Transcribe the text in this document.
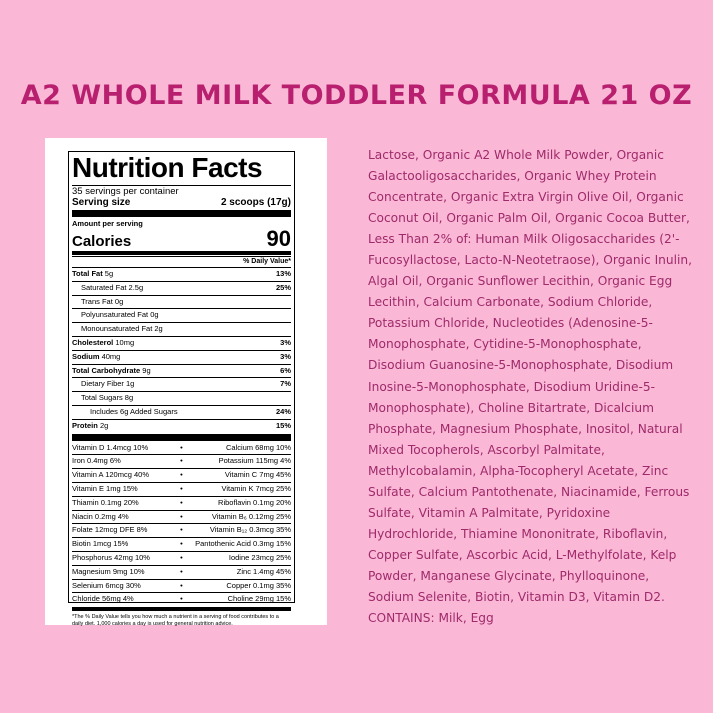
A2 WHOLE MILK TODDLER FORMULA 21 OZ
Nutrition Facts
35 servings per container
Serving size	2 scoops (17g)
Amount per serving
Calories	90
% Daily Value*
Total Fat 5g	13%
Saturated Fat 2.5g	25%
Trans Fat 0g
Polyunsaturated Fat 0g
Monounsaturated Fat 2g
Cholesterol 10mg	3%
Sodium 40mg	3%
Total Carbohydrate 9g	6%
Dietary Fiber 1g	7%
Total Sugars 8g
Includes 6g Added Sugars	24%
Protein 2g	15%
Vitamin D 1.4mcg 10%	•	Calcium 68mg 10%
Iron 0.4mg 6%	•	Potassium 115mg 4%
Vitamin A 120mcg 40%	•	Vitamin C 7mg 45%
Vitamin E 1mg 15%	•	Vitamin K 7mcg 25%
Thiamin 0.1mg 20%	•	Riboflavin 0.1mg 20%
Niacin 0.2mg 4%	•	Vitamin B₆ 0.12mg 25%
Folate 12mcg DFE 8%	•	Vitamin B₁₂ 0.3mcg 35%
Biotin 1mcg 15%	•	Pantothenic Acid 0.3mg 15%
Phosphorus 42mg 10%	•	Iodine 23mcg 25%
Magnesium 9mg 10%	•	Zinc 1.4mg 45%
Selenium 6mcg 30%	•	Copper 0.1mg 35%
Chloride 56mg 4%	•	Choline 29mg 15%
*The % Daily Value tells you how much a nutrient in a serving of food contributes to a daily diet. 1,000 calories a day is used for general nutrition advice.

Lactose, Organic A2 Whole Milk Powder, Organic Galactooligosaccharides, Organic Whey Protein Concentrate, Organic Extra Virgin Olive Oil, Organic Coconut Oil, Organic Palm Oil, Organic Cocoa Butter, Less Than 2% of: Human Milk Oligosaccharides (2'-Fucosyllactose, Lacto-N-Neotetraose), Organic Inulin, Algal Oil, Organic Sunflower Lecithin, Organic Egg Lecithin, Calcium Carbonate, Sodium Chloride, Potassium Chloride, Nucleotides (Adenosine-5-Monophosphate, Cytidine-5-Monophosphate, Disodium Guanosine-5-Monophosphate, Disodium Inosine-5-Monophosphate, Disodium Uridine-5-Monophosphate), Choline Bitartrate, Dicalcium Phosphate, Magnesium Phosphate, Inositol, Natural Mixed Tocopherols, Ascorbyl Palmitate, Methylcobalamin, Alpha-Tocopheryl Acetate, Zinc Sulfate, Calcium Pantothenate, Niacinamide, Ferrous Sulfate, Vitamin A Palmitate, Pyridoxine Hydrochloride, Thiamine Mononitrate, Riboflavin, Copper Sulfate, Ascorbic Acid, L-Methylfolate, Kelp Powder, Manganese Glycinate, Phylloquinone, Sodium Selenite, Biotin, Vitamin D3, Vitamin D2. CONTAINS: Milk, Egg
